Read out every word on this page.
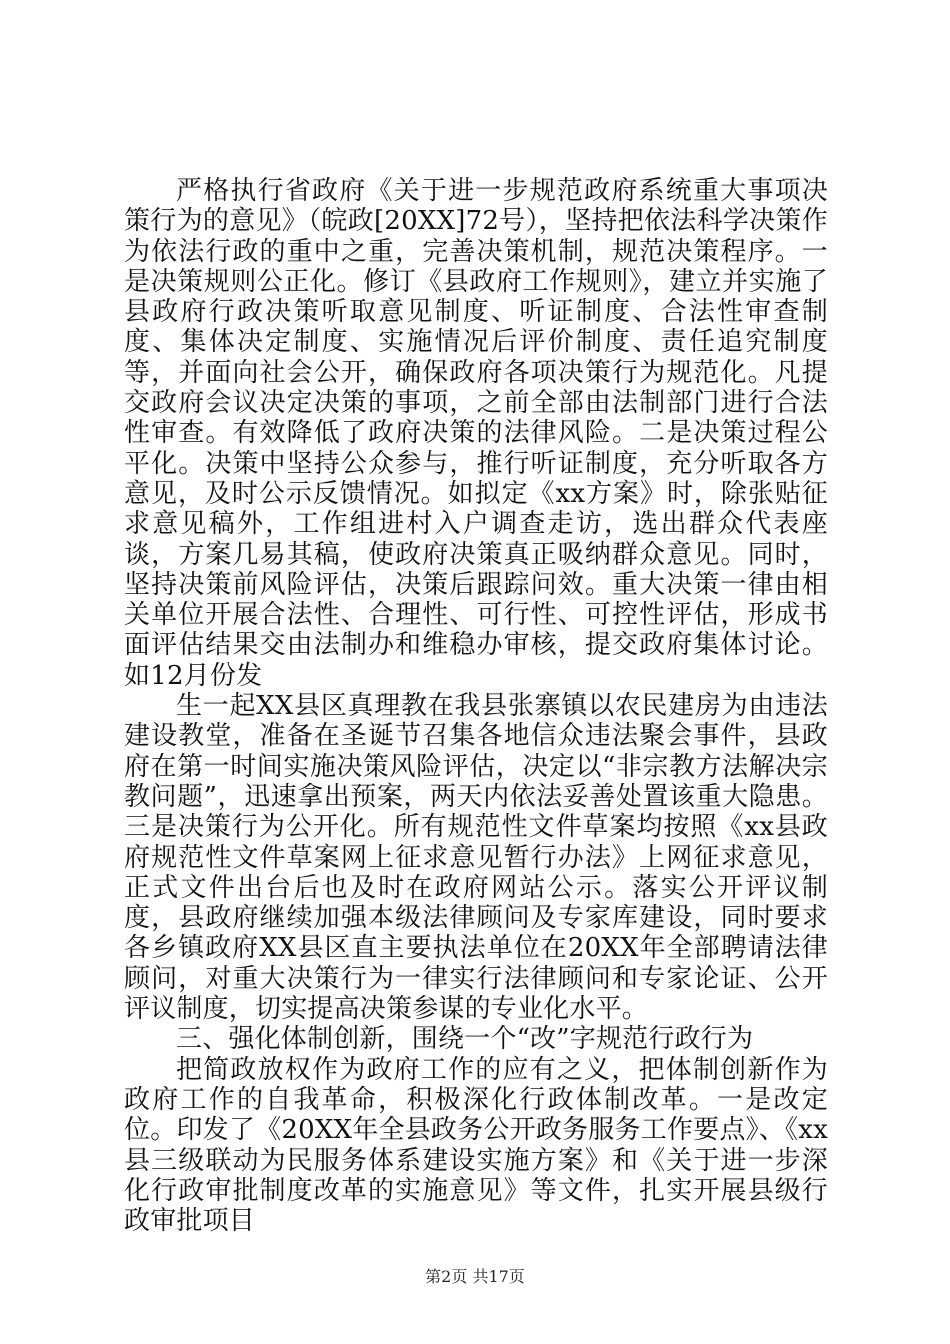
严格执行省政府《关于进一步规范政府系统重大事项决策行为的意见》（皖政[20XX]72号），坚持把依法科学决策作为依法行政的重中之重，完善决策机制，规范决策程序。一是决策规则公正化。修订《县政府工作规则》，建立并实施了县政府行政决策听取意见制度、听证制度、合法性审查制度、集体决定制度、实施情况后评价制度、责任追究制度等，并面向社会公开，确保政府各项决策行为规范化。凡提交政府会议决定决策的事项，之前全部由法制部门进行合法性审查。有效降低了政府决策的法律风险。二是决策过程公平化。决策中坚持公众参与，推行听证制度，充分听取各方意见，及时公示反馈情况。如拟定《xx方案》时，除张贴征求意见稿外，工作组进村入户调查走访，选出群众代表座谈，方案几易其稿，使政府决策真正吸纳群众意见。同时，坚持决策前风险评估，决策后跟踪问效。重大决策一律由相关单位开展合法性、合理性、可行性、可控性评估，形成书面评估结果交由法制办和维稳办审核，提交政府集体讨论。如12月份发

生一起XX县区真理教在我县张寨镇以农民建房为由违法建设教堂，准备在圣诞节召集各地信众违法聚会事件，县政府在第一时间实施决策风险评估，决定以“非宗教方法解决宗教问题”，迅速拿出预案，两天内依法妥善处置该重大隐患。三是决策行为公开化。所有规范性文件草案均按照《xx县政府规范性文件草案网上征求意见暂行办法》上网征求意见，正式文件出台后也及时在政府网站公示。落实公开评议制度，县政府继续加强本级法律顾问及专家库建设，同时要求各乡镇政府XX县区直主要执法单位在20XX年全部聘请法律顾问，对重大决策行为一律实行法律顾问和专家论证、公开评议制度，切实提高决策参谋的专业化水平。

三、强化体制创新，围绕一个“改”字规范行政行为

把简政放权作为政府工作的应有之义，把体制创新作为政府工作的自我革命，积极深化行政体制改革。一是改定位。印发了《20XX年全县政务公开政务服务工作要点》、《xx县三级联动为民服务体系建设实施方案》和《关于进一步深化行政审批制度改革的实施意见》等文件，扎实开展县级行政审批项目

第2页 共17页
